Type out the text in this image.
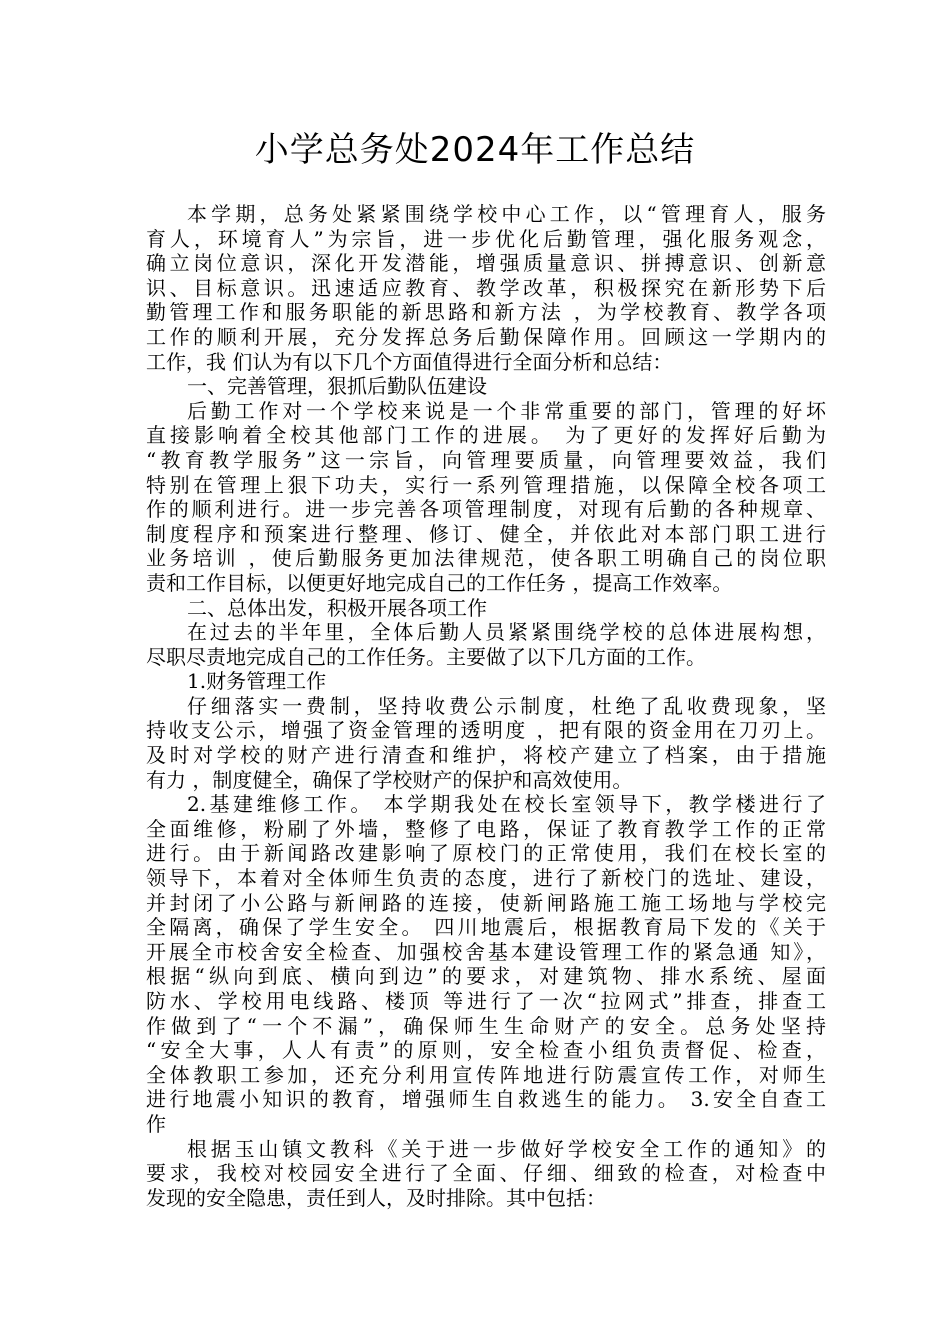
小学总务处2024年工作总结
本学期，总务处紧紧围绕学校中心工作，以“管理育人，服务
育人，环境育人”为宗旨，进一步优化后勤管理，强化服务观念，
确立岗位意识，深化开发潜能，增强质量意识、拼搏意识、创新意
识、目标意识。迅速适应教育、教学改革，积极探究在新形势下后
勤管理工作和服务职能的新思路和新方法 ，为学校教育、教学各项
工作的顺利开展，充分发挥总务后勤保障作用。回顾这一学期内的
工作，我 们认为有以下几个方面值得进行全面分析和总结：
一、完善管理，狠抓后勤队伍建设
后勤工作对一个学校来说是一个非常重要的部门，管理的好坏
直接影响着全校其他部门工作的进展。 为了更好的发挥好后勤为
“教育教学服务”这一宗旨，向管理要质量，向管理要效益，我们
特别在管理上狠下功夫，实行一系列管理措施，以保障全校各项工
作的顺利进行。进一步完善各项管理制度，对现有后勤的各种规章、
制度程序和预案进行整理、修订、健全，并依此对本部门职工进行
业务培训 ，使后勤服务更加法律规范，使各职工明确自己的岗位职
责和工作目标，以便更好地完成自己的工作任务 ，提高工作效率。
二、总体出发，积极开展各项工作
在过去的半年里，全体后勤人员紧紧围绕学校的总体进展构想，
尽职尽责地完成自己的工作任务。主要做了以下几方面的工作。
1.财务管理工作
仔细落实一费制，坚持收费公示制度，杜绝了乱收费现象，坚
持收支公示，增强了资金管理的透明度 ，把有限的资金用在刀刃上。
及时对学校的财产进行清查和维护，将校产建立了档案，由于措施
有力 ，制度健全，确保了学校财产的保护和高效使用。
2.基建维修工作。 本学期我处在校长室领导下，教学楼进行了
全面维修，粉刷了外墙，整修了电路，保证了教育教学工作的正常
进行。由于新闻路改建影响了原校门的正常使用，我们在校长室的
领导下，本着对全体师生负责的态度，进行了新校门的选址、建设，
并封闭了小公路与新闸路的连接，使新闸路施工施工场地与学校完
全隔离，确保了学生安全。 四川地震后，根据教育局下发的《关于
开展全市校舍安全检查、加强校舍基本建设管理工作的紧急通 知》，
根据“纵向到底、横向到边”的要求，对建筑物、排水系统、屋面
防水、学校用电线路、楼顶 等进行了一次“拉网式”排查，排查工
作做到了“一个不漏”，确保师生生命财产的安全。总务处坚持
“安全大事，人人有责”的原则，安全检查小组负责督促、检查，
全体教职工参加，还充分利用宣传阵地进行防震宣传工作，对师生
进行地震小知识的教育，增强师生自救逃生的能力。 3.安全自查工
作
根据玉山镇文教科《关于进一步做好学校安全工作的通知》的
要求，我校对校园安全进行了全面、仔细、细致的检查，对检查中
发现的安全隐患，责任到人，及时排除。其中包括：
